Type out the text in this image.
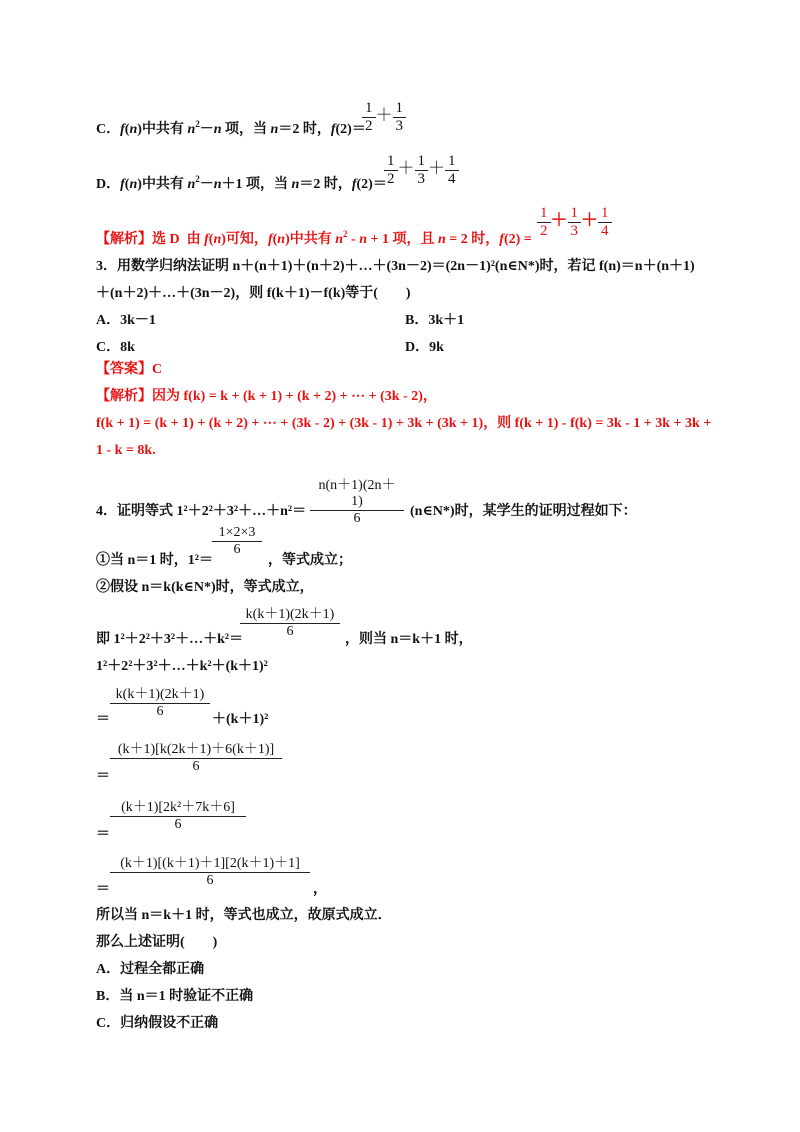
C．f(n)中共有 $n^2-n$ 项，当 n＝2 时，f(2)＝
$\frac{1}{2} + \frac{1}{3}$
D．f(n)中共有 $n^2-n+1$ 项，当 n＝2 时，f(2)＝
$\frac{1}{2} + \frac{1}{3} + \frac{1}{4}$
【解析】选 D 由 f(n)可知，f(n)中共有 $n^2 - n + 1$ 项，且 n = 2 时，$f(2) = \frac{1}{2} + \frac{1}{3} + \frac{1}{4}$
3．用数学归纳法证明 n＋(n＋1)＋(n＋2)＋…＋(3n－2)＝(2n－1)²(n∈N*)时，若记 f(n)＝n＋(n＋1)
＋(n＋2)＋…＋(3n－2)，则 f(k＋1)－f(k)等于(　　)
A．3k－1	B．3k＋1
C．8k	D．9k
【答案】C
【解析】因为 f(k) = k + (k + 1) + (k + 2) + ⋯ + (3k - 2)，
f(k + 1) = (k + 1) + (k + 2) + ⋯ + (3k - 2) + (3k - 1) + 3k + (3k + 1)，则 f(k + 1) - f(k) = 3k - 1 + 3k + 3k +
1 - k = 8k.
4．证明等式 1²＋2²＋3²＋…＋n²＝ $\frac{n(n+1)(2n+1)}{6}$ (n∈N*)时，某学生的证明过程如下：
①当 n＝1 时，1²＝
$\frac{1\times 2\times 3}{6}$
，等式成立；
②假设 n＝k(k∈N*)时，等式成立，
即 1²＋2²＋3²＋…＋k²＝
$\frac{k(k+1)(2k+1)}{6}$ ，则当 n＝k＋1 时，
1²＋2²＋3²＋…＋k²＋(k＋1)²
＝ $\frac{k(k+1)(2k+1)}{6} +(k+1)^2$
＝
$\frac{(k+1)[k(2k+1)+6(k+1)]}{6}$
＝
$\frac{\text{(k＋1)[2k²＋7k＋6]}}{6}$
＝
$\frac{(k+1)[(k+1)+1][2(k+1)+1]}{6}$
，
所以当 n＝k＋1 时，等式也成立，故原式成立．
那么上述证明(　　)
A．过程全都正确
B．当 n＝1 时验证不正确
C．归纳假设不正确
